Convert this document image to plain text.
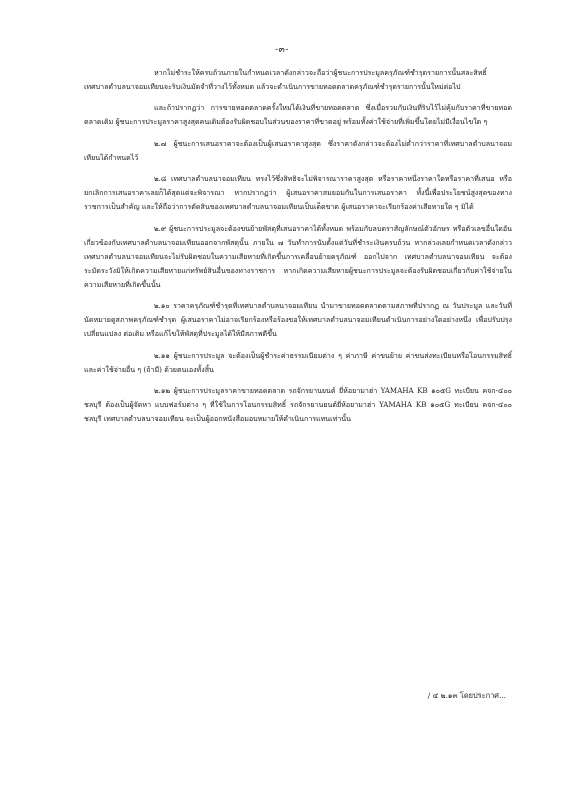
-๓-

หากไม่ชำระให้ครบถ้วนภายในกำหนดเวลาดังกล่าวจะถือว่าผู้ชนะการประมูลครุภัณฑ์ชำรุดรายการนั้นสละสิทธิ์ เทศบาลตำบลนาจอมเทียนจะริบเงินมัดจำที่วางไว้ทั้งหมด แล้วจะดำเนินการขายทอดตลาดครุภัณฑ์ชำรุดรายการนั้นใหม่ต่อไป

และถ้าปรากฏว่า การขายทอดตลาดครั้งใหม่ได้เงินที่ขายทอดตลาด ซึ่งเมื่อรวมกับเงินที่ริบไว้ไม่คุ้มกับราคาที่ขายทอดตลาดเดิม ผู้ชนะการประมูลราคาสูงสุดคนเดิมต้องรับผิดชอบในส่วนของราคาที่ขาดอยู่ พร้อมทั้งค่าใช้จ่ายที่เพิ่มขึ้นโดยไม่มีเงื่อนไขใด ๆ

๒.๗ ผู้ชนะการเสนอราคาจะต้องเป็นผู้เสนอราคาสูงสุด ซึ่งราคาดังกล่าวจะต้องไม่ต่ำกว่าราคาที่เทศบาลตำบลนาจอมเทียนได้กำหนดไว้

๒.๘ เทศบาลตำบลนาจอมเทียน ทรงไว้ซึ่งสิทธิจะไม่พิจารณาราคาสูงสุด หรือราคาหนึ่งราคาใดหรือราคาที่เสนอ หรือยกเลิกการเสนอราคาเลยก็ได้สุดแต่จะพิจารณา หากปรากฏว่า ผู้เสนอราคาสมยอมกันในการเสนอราคา ทั้งนี้เพื่อประโยชน์สูงสุดของทางราชการเป็นสำคัญ และให้ถือว่าการตัดสินของเทศบาลตำบลนาจอมเทียนเป็นเด็ดขาด ผู้เสนอราคาจะเรียกร้องค่าเสียหายใด ๆ มิได้

๒.๙ ผู้ชนะการประมูลจะต้องขนย้ายพัสดุที่เสนอราคาได้ทั้งหมด พร้อมกับลบตราสัญลักษณ์ตัวอักษร หรือตัวเลขอื่นใดอันเกี่ยวข้องกับเทศบาลตำบลนาจอมเทียนออกจากพัสดุนั้น ภายใน ๗ วันทำการนับตั้งแต่วันที่ชำระเงินครบถ้วน หากล่วงเลยกำหนดเวลาดังกล่าว เทศบาลตำบลนาจอมเทียนจะไม่รับผิดชอบในความเสียหายที่เกิดขึ้นการเคลื่อนย้ายครุภัณฑ์ ออกไปจาก เทศบาลตำบลนาจอมเทียน จะต้องระมัดระวังมิให้เกิดความเสียหายแก่ทรัพย์สินอื่นของทางราชการ หากเกิดความเสียหายผู้ชนะการประมูลจะต้องรับผิดชอบเกี่ยวกับค่าใช้จ่ายในความเสียหายที่เกิดขึ้นนั้น

๒.๑๐ ราคาครุภัณฑ์ชำรุดที่เทศบาลตำบลนาจอมเทียน นำมาขายทอดตลาดตามสภาพที่ปรากฏ ณ วันประมูล และวันที่นัดหมายดูสภาพครุภัณฑ์ชำรุด ผู้เสนอราคาไม่อาจเรียกร้องหรือร้องขอให้เทศบาลตำบลนาจอมเทียนดำเนินการอย่างใดอย่างหนึ่ง เพื่อปรับปรุงเปลี่ยนแปลง ต่อเติม หรือแก้ไขให้พัสดุที่ประมูลได้ให้มีสภาพดีขึ้น

๒.๑๑ ผู้ชนะการประมูล จะต้องเป็นผู้ชำระค่าธรรมเนียมต่าง ๆ ค่าภาษี ค่าขนย้าย ค่าขนส่งทะเบียนหรือโอนกรรมสิทธิ์และค่าใช้จ่ายอื่น ๆ (ถ้ามี) ด้วยตนเองทั้งสิ้น

๒.๑๒ ผู้ชนะการประมูลราคาขายทอดตลาด รถจักรยานยนต์ ยี่ห้อยามาฮ่า YAMAHA KB ๑๐๕G ทะเบียน คจก-๔๐๐ ชลบุรี ต้องเป็นผู้จัดหา แบบฟอร์มต่าง ๆ ที่ใช้ในการโอนกรรมสิทธิ์ รถจักรยานยนต์ยี่ห้อยามาฮ่า YAMAHA KB ๑๐๕G ทะเบียน คจก-๔๐๐ ชลบุรี เทศบาลตำบลนาจอมเทียน จะเป็นผู้ออกหนังสือมอบหมายให้ดำเนินการแทนเท่านั้น

/ ๔ ๒.๑๓ โดยประกาศ...
